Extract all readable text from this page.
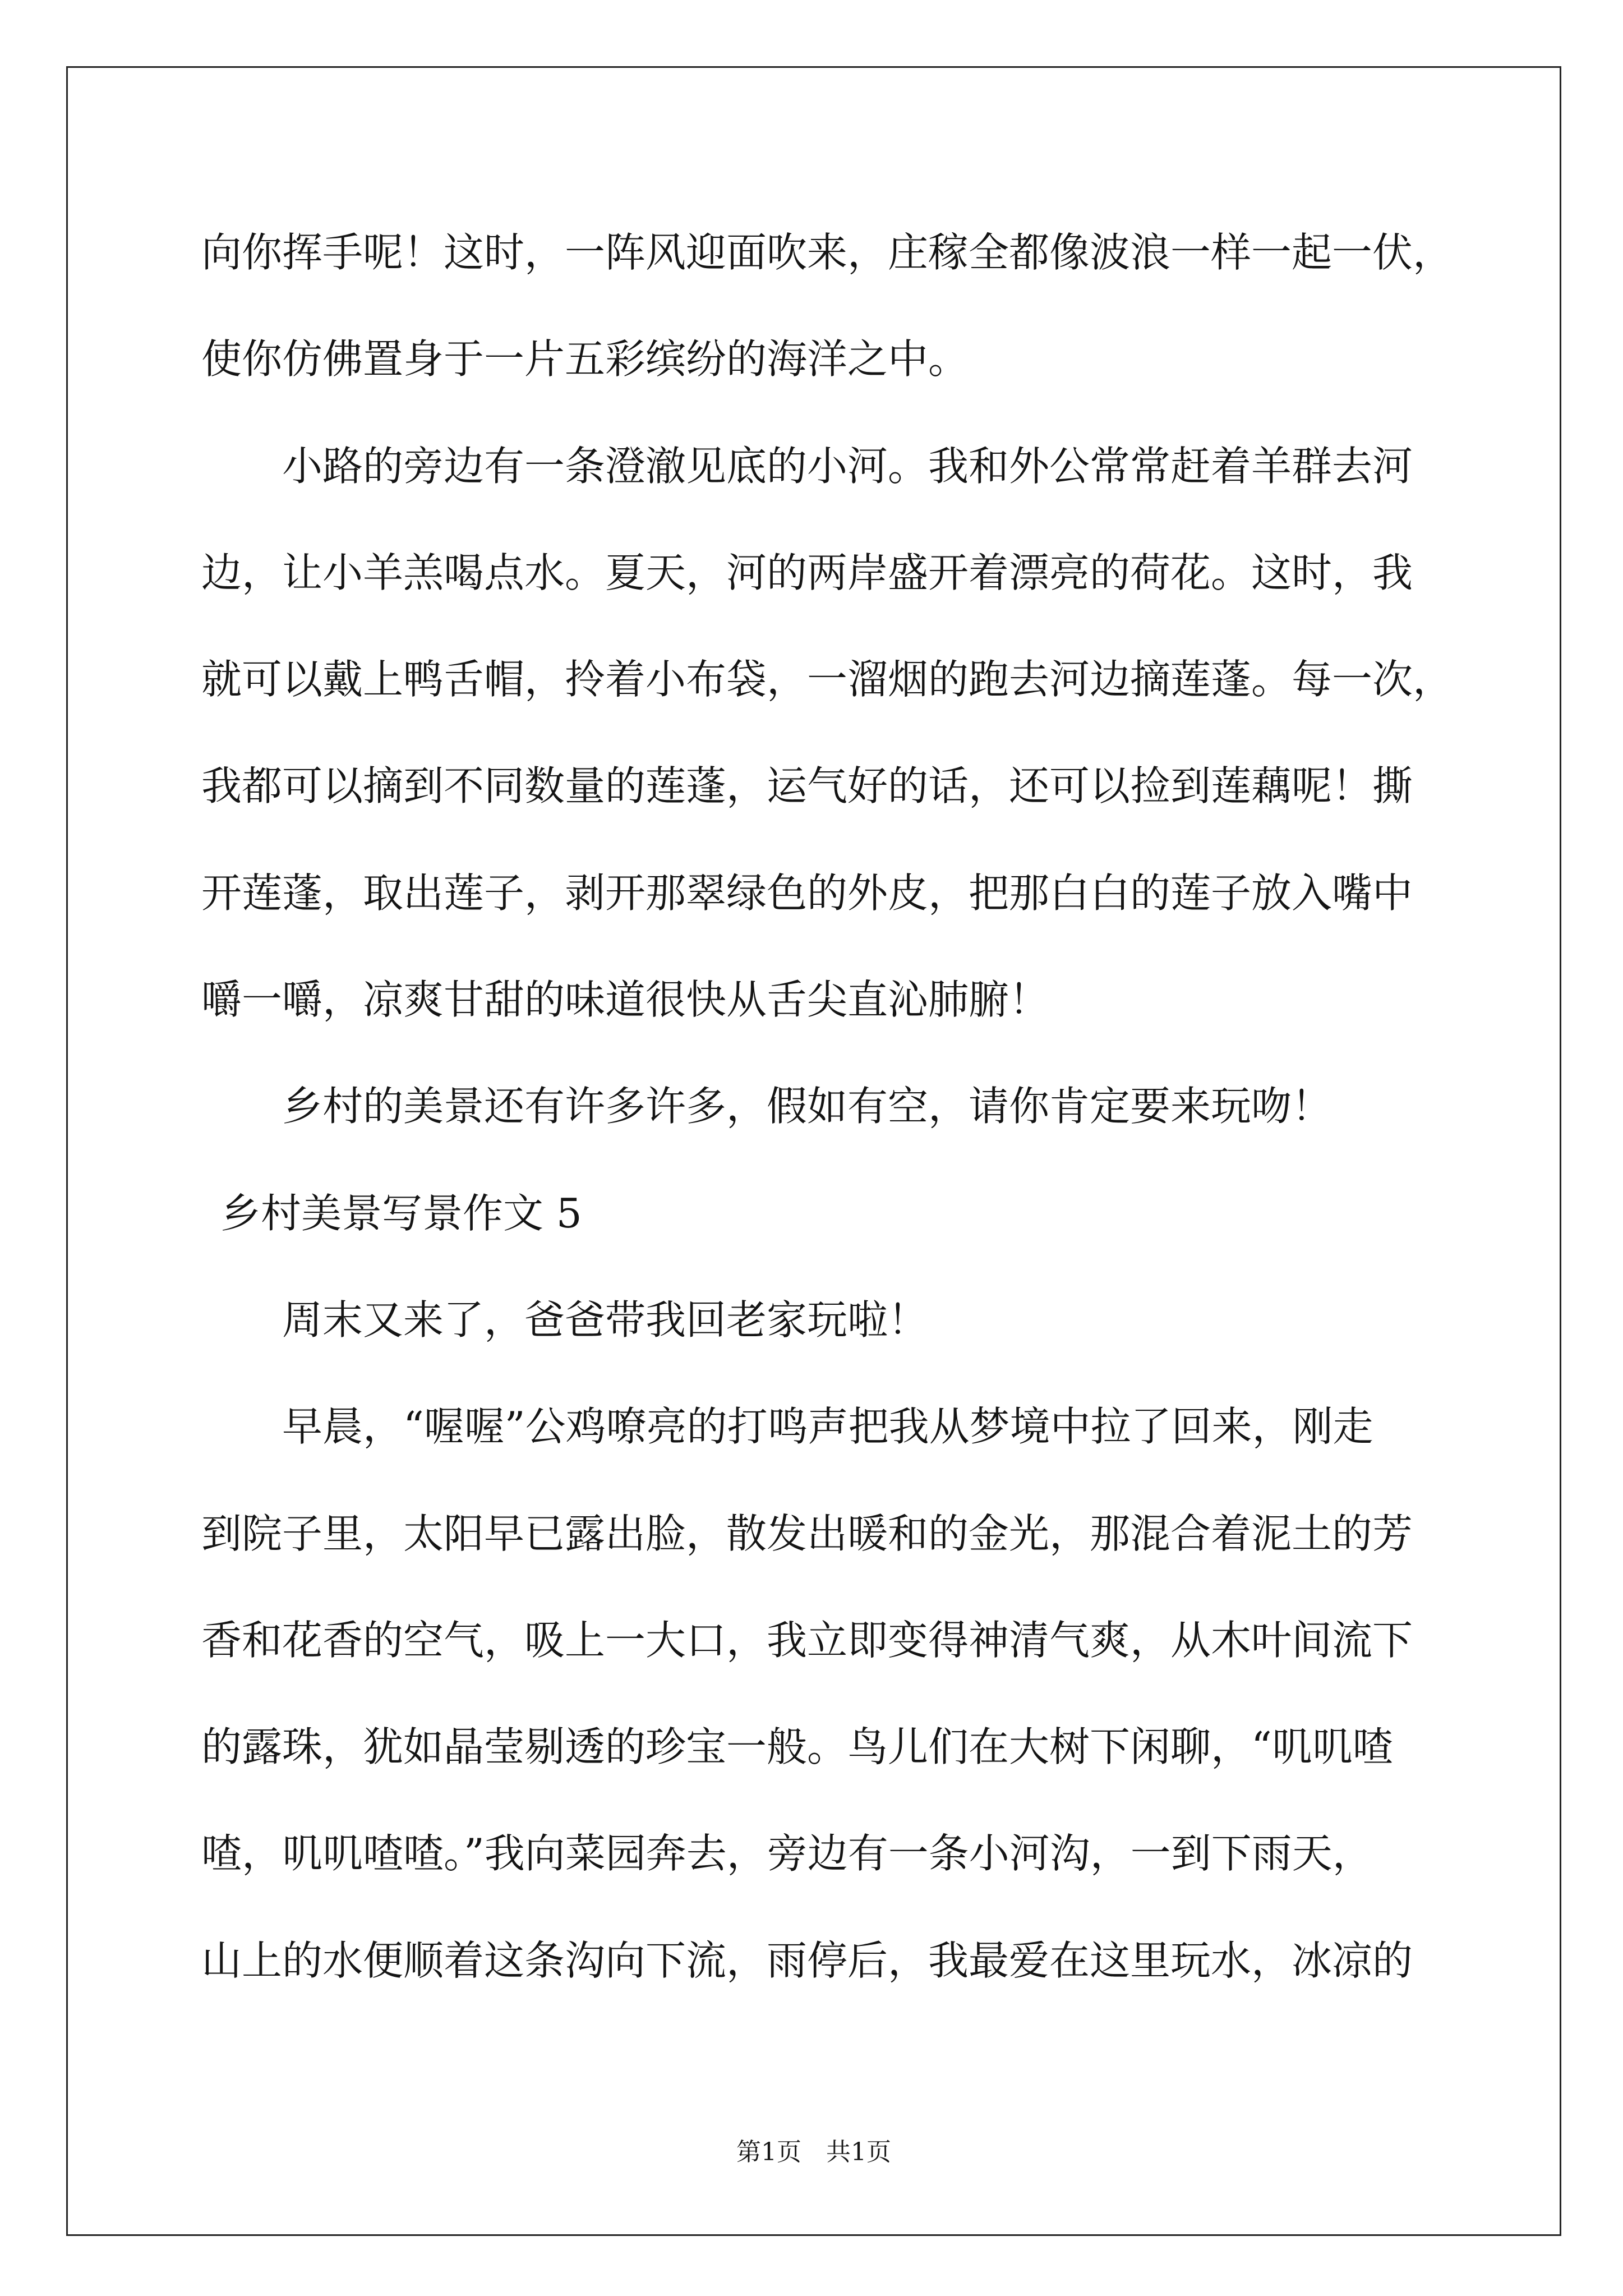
向你挥手呢！这时，一阵风迎面吹来，庄稼全都像波浪一样一起一伏，
使你仿佛置身于一片五彩缤纷的海洋之中。
小路的旁边有一条澄澈见底的小河。我和外公常常赶着羊群去河
边，让小羊羔喝点水。夏天，河的两岸盛开着漂亮的荷花。这时，我
就可以戴上鸭舌帽，拎着小布袋，一溜烟的跑去河边摘莲蓬。每一次，
我都可以摘到不同数量的莲蓬，运气好的话，还可以捡到莲藕呢！撕
开莲蓬，取出莲子，剥开那翠绿色的外皮，把那白白的莲子放入嘴中
嚼一嚼，凉爽甘甜的味道很快从舌尖直沁肺腑！
乡村的美景还有许多许多，假如有空，请你肯定要来玩吻！
乡村美景写景作文 5
周末又来了，爸爸带我回老家玩啦！
早晨，“喔喔”公鸡嘹亮的打鸣声把我从梦境中拉了回来，刚走
到院子里，太阳早已露出脸，散发出暖和的金光，那混合着泥土的芳
香和花香的空气，吸上一大口，我立即变得神清气爽，从木叶间流下
的露珠，犹如晶莹剔透的珍宝一般。鸟儿们在大树下闲聊，“叽叽喳
喳，叽叽喳喳。”我向菜园奔去，旁边有一条小河沟，一到下雨天，
山上的水便顺着这条沟向下流，雨停后，我最爱在这里玩水，冰凉的
第1页　共1页
